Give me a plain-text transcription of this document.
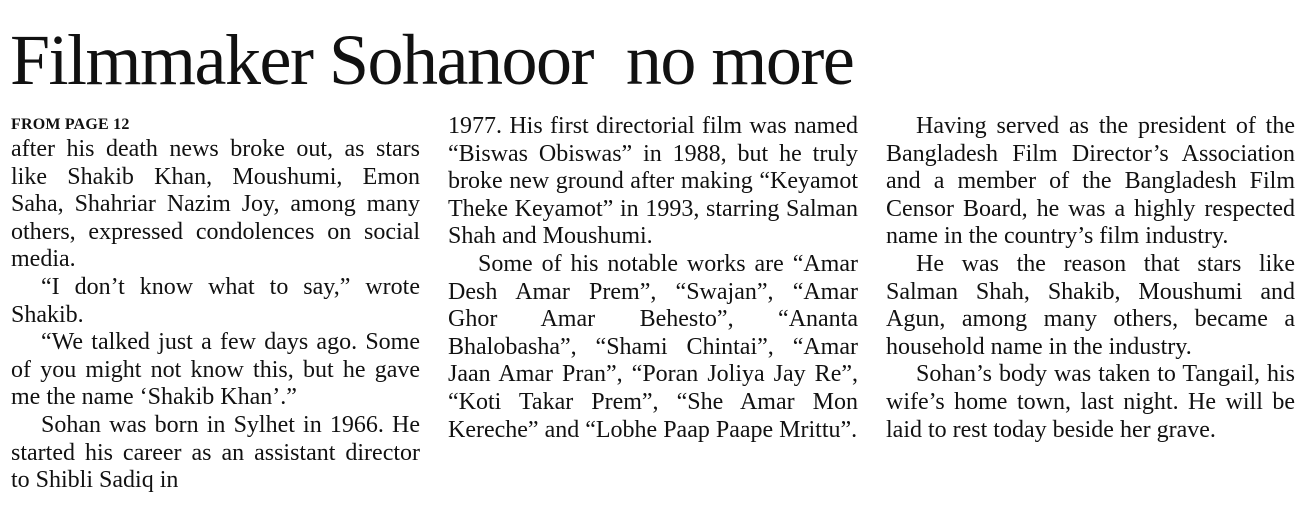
Filmmaker Sohanoor  no more
FROM PAGE 12

after his death news broke out, as stars like Shakib Khan, Moushumi, Emon Saha, Shahriar Nazim Joy, among many others, expressed condolences on social media.

“I don’t know what to say,” wrote Shakib.

“We talked just a few days ago. Some of you might not know this, but he gave me the name ‘Shakib Khan’.”

Sohan was born in Sylhet in 1966. He started his career as an assistant director to Shibli Sadiq in

1977. His first directorial film was named “Biswas Obiswas” in 1988, but he truly broke new ground after making “Keyamot Theke Keyamot” in 1993, starring Salman Shah and Moushumi.

Some of his notable works are “Amar Desh Amar Prem”, “Swajan”, “Amar Ghor Amar Behesto”, “Ananta Bhalobasha”, “Shami Chintai”, “Amar Jaan Amar Pran”, “Poran Joliya Jay Re”, “Koti Takar Prem”, “She Amar Mon Kereche” and “Lobhe Paap Paape Mrittu”.

Having served as the president of the Bangladesh Film Director’s Association and a member of the Bangladesh Film Censor Board, he was a highly respected name in the country’s film industry.

He was the reason that stars like Salman Shah, Shakib, Moushumi and Agun, among many others, became a household name in the industry.

Sohan’s body was taken to Tangail, his wife’s home town, last night. He will be laid to rest today beside her grave.
